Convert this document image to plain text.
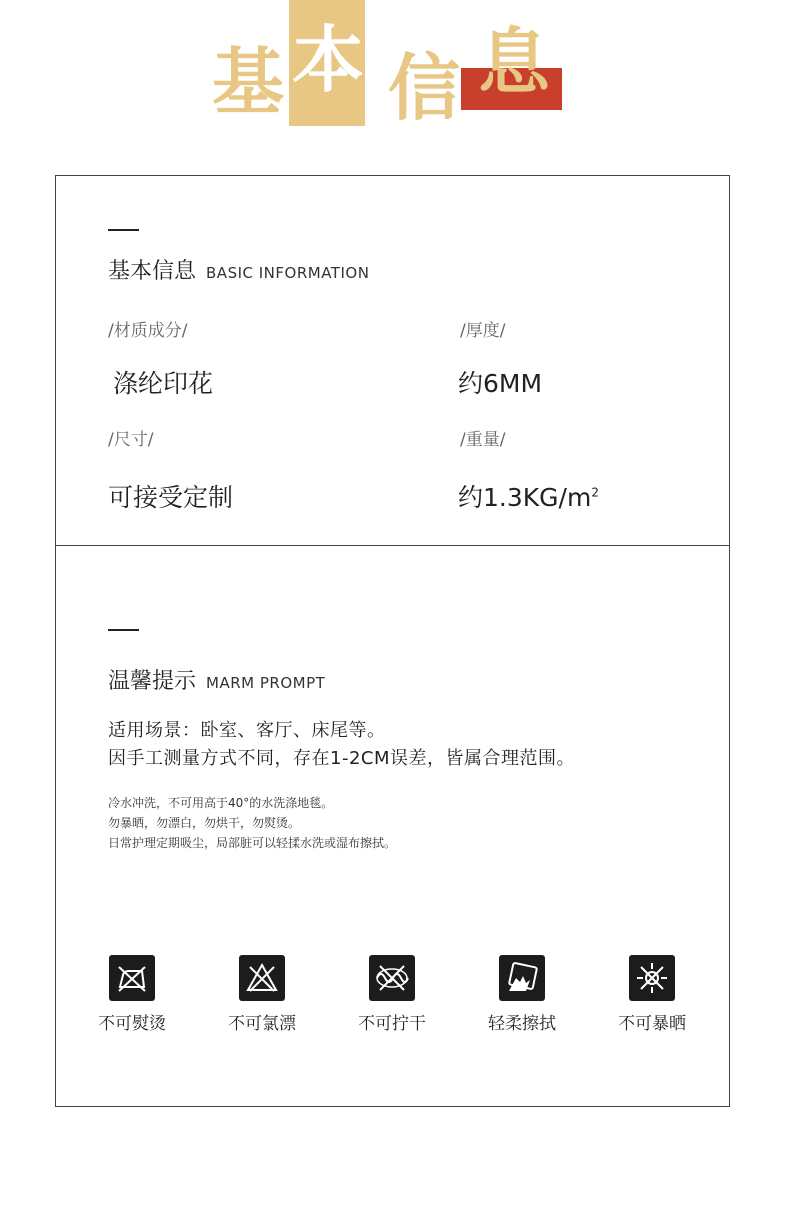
基 本 信 息
基本信息 BASIC INFORMATION
/材质成分/
涤纶印花
/厚度/
约6MM
/尺寸/
可接受定制
/重量/
约$1.3KG/m^2$
温馨提示 MARM PROMPT
适用场景：卧室、客厅、床尾等。
因手工测量方式不同，存在1-2CM误差，皆属合理范围。
冷水冲洗，不可用高于40°的水洗涤地毯。
勿暴晒，勿漂白，勿烘干，勿熨烫。
日常护理定期吸尘，局部脏可以轻揉水洗或湿布擦拭。
不可熨烫	不可氯漂	不可拧干	轻柔擦拭	不可暴晒
